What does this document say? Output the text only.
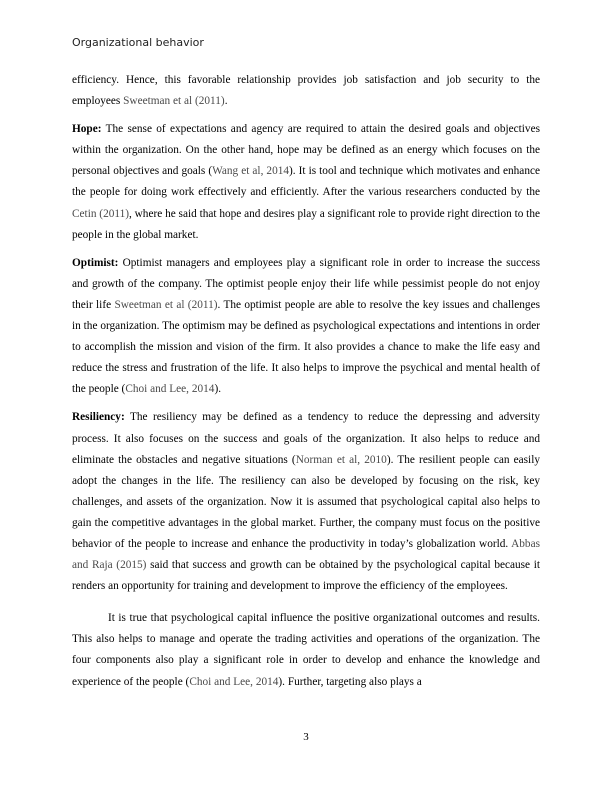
Organizational behavior

efficiency. Hence, this favorable relationship provides job satisfaction and job security to the employees Sweetman et al (2011).

Hope: The sense of expectations and agency are required to attain the desired goals and objectives within the organization. On the other hand, hope may be defined as an energy which focuses on the personal objectives and goals (Wang et al, 2014). It is tool and technique which motivates and enhance the people for doing work effectively and efficiently. After the various researchers conducted by the Cetin (2011), where he said that hope and desires play a significant role to provide right direction to the people in the global market.

Optimist: Optimist managers and employees play a significant role in order to increase the success and growth of the company. The optimist people enjoy their life while pessimist people do not enjoy their life Sweetman et al (2011). The optimist people are able to resolve the key issues and challenges in the organization. The optimism may be defined as psychological expectations and intentions in order to accomplish the mission and vision of the firm. It also provides a chance to make the life easy and reduce the stress and frustration of the life. It also helps to improve the psychical and mental health of the people (Choi and Lee, 2014).

Resiliency: The resiliency may be defined as a tendency to reduce the depressing and adversity process. It also focuses on the success and goals of the organization. It also helps to reduce and eliminate the obstacles and negative situations (Norman et al, 2010). The resilient people can easily adopt the changes in the life. The resiliency can also be developed by focusing on the risk, key challenges, and assets of the organization. Now it is assumed that psychological capital also helps to gain the competitive advantages in the global market. Further, the company must focus on the positive behavior of the people to increase and enhance the productivity in today’s globalization world. Abbas and Raja (2015) said that success and growth can be obtained by the psychological capital because it renders an opportunity for training and development to improve the efficiency of the employees.

It is true that psychological capital influence the positive organizational outcomes and results. This also helps to manage and operate the trading activities and operations of the organization. The four components also play a significant role in order to develop and enhance the knowledge and experience of the people (Choi and Lee, 2014). Further, targeting also plays a

3
